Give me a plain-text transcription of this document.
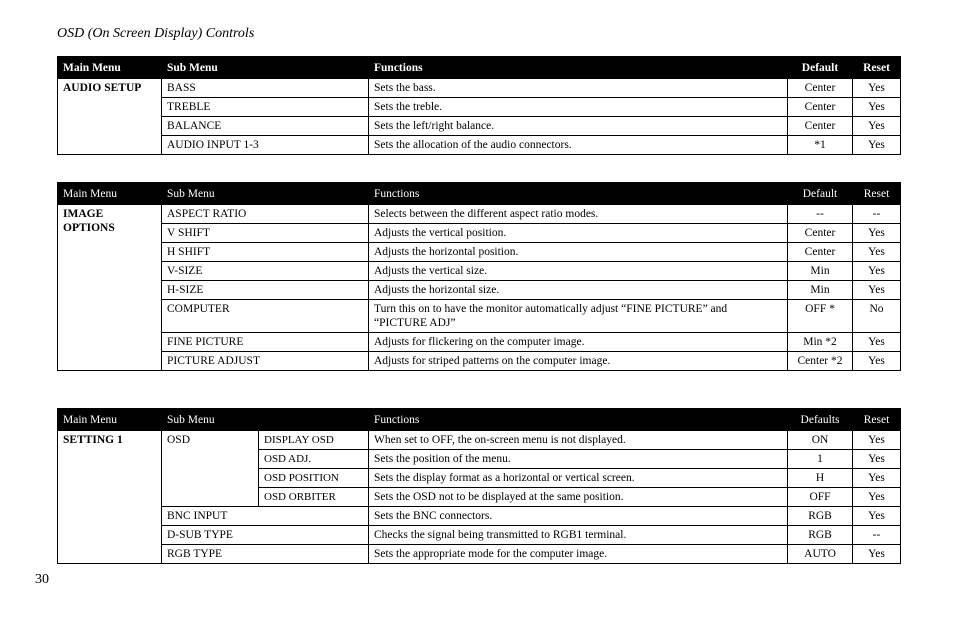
OSD (On Screen Display) Controls
Main Menu	Sub Menu	Functions	Default	Reset
AUDIO SETUP	BASS	Sets the bass.	Center	Yes
	TREBLE	Sets the treble.	Center	Yes
	BALANCE	Sets the left/right balance.	Center	Yes
	AUDIO INPUT 1-3	Sets the allocation of the audio connectors.	*1	Yes
Main Menu	Sub Menu	Functions	Default	Reset
IMAGE OPTIONS	ASPECT RATIO	Selects between the different aspect ratio modes.	--	--
	V SHIFT	Adjusts the vertical position.	Center	Yes
	H SHIFT	Adjusts the horizontal position.	Center	Yes
	V-SIZE	Adjusts the vertical size.	Min	Yes
	H-SIZE	Adjusts the horizontal size.	Min	Yes
	COMPUTER	Turn this on to have the monitor automatically adjust “FINE PICTURE” and “PICTURE ADJ”	OFF *	No
	FINE PICTURE	Adjusts for flickering on the computer image.	Min *2	Yes
	PICTURE ADJUST	Adjusts for striped patterns on the computer image.	Center *2	Yes
Main Menu	Sub Menu		Functions	Defaults	Reset
SETTING 1	OSD	DISPLAY OSD	When set to OFF, the on-screen menu is not displayed.	ON	Yes
		OSD ADJ.	Sets the position of the menu.	1	Yes
		OSD POSITION	Sets the display format as a horizontal or vertical screen.	H	Yes
		OSD ORBITER	Sets the OSD not to be displayed at the same position.	OFF	Yes
	BNC INPUT		Sets the BNC connectors.	RGB	Yes
	D-SUB TYPE		Checks the signal being transmitted to RGB1 terminal.	RGB	--
	RGB TYPE		Sets the appropriate mode for the computer image.	AUTO	Yes
30
